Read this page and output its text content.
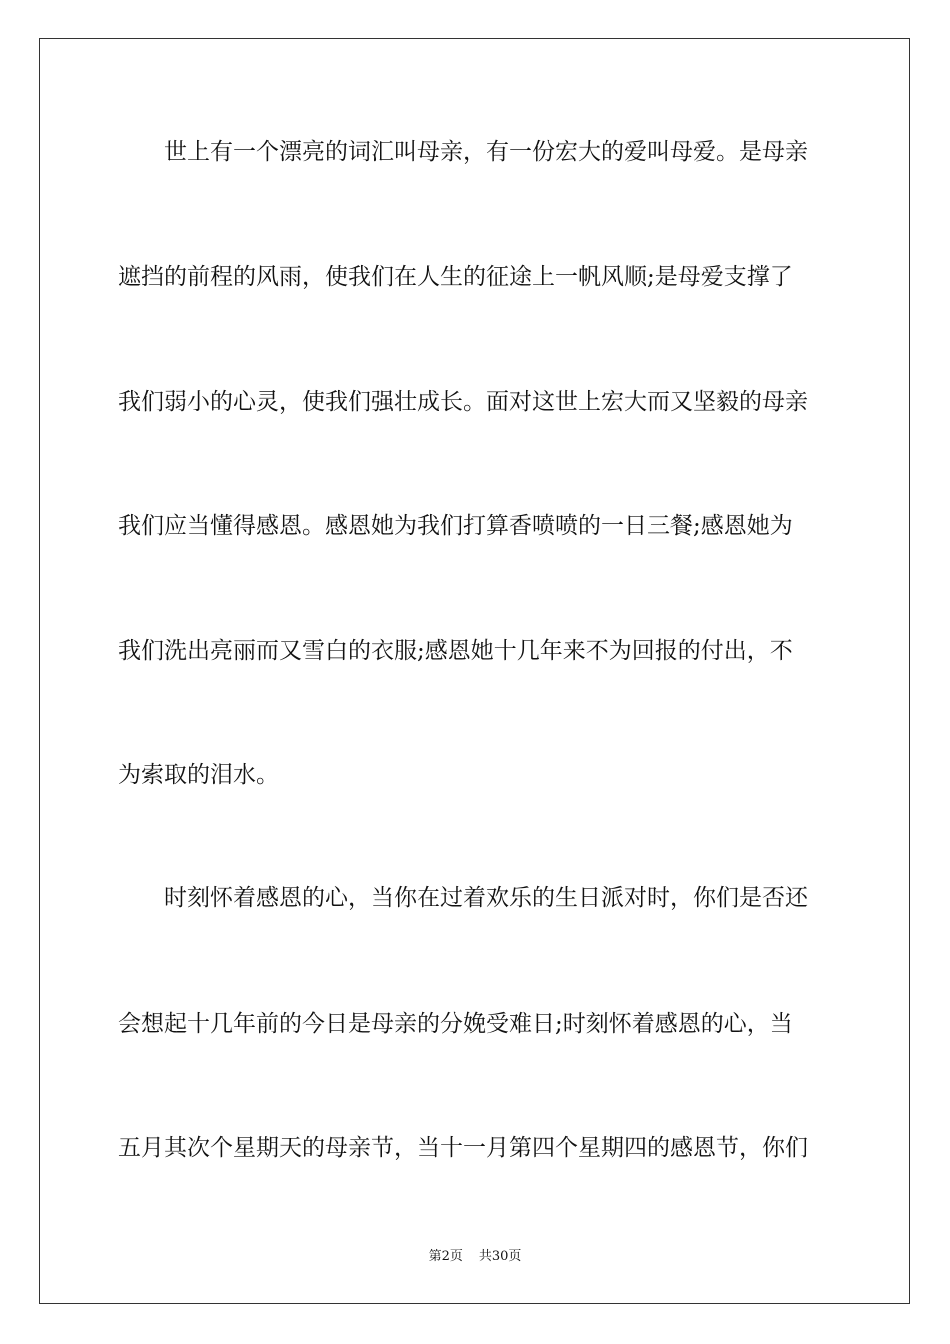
世上有一个漂亮的词汇叫母亲，有一份宏大的爱叫母爱。是母亲
遮挡的前程的风雨，使我们在人生的征途上一帆风顺;是母爱支撑了
我们弱小的心灵，使我们强壮成长。面对这世上宏大而又坚毅的母亲
我们应当懂得感恩。感恩她为我们打算香喷喷的一日三餐;感恩她为
我们洗出亮丽而又雪白的衣服;感恩她十几年来不为回报的付出，不
为索取的泪水。
时刻怀着感恩的心，当你在过着欢乐的生日派对时，你们是否还
会想起十几年前的今日是母亲的分娩受难日;时刻怀着感恩的心，当
五月其次个星期天的母亲节，当十一月第四个星期四的感恩节，你们
第2页 共30页
